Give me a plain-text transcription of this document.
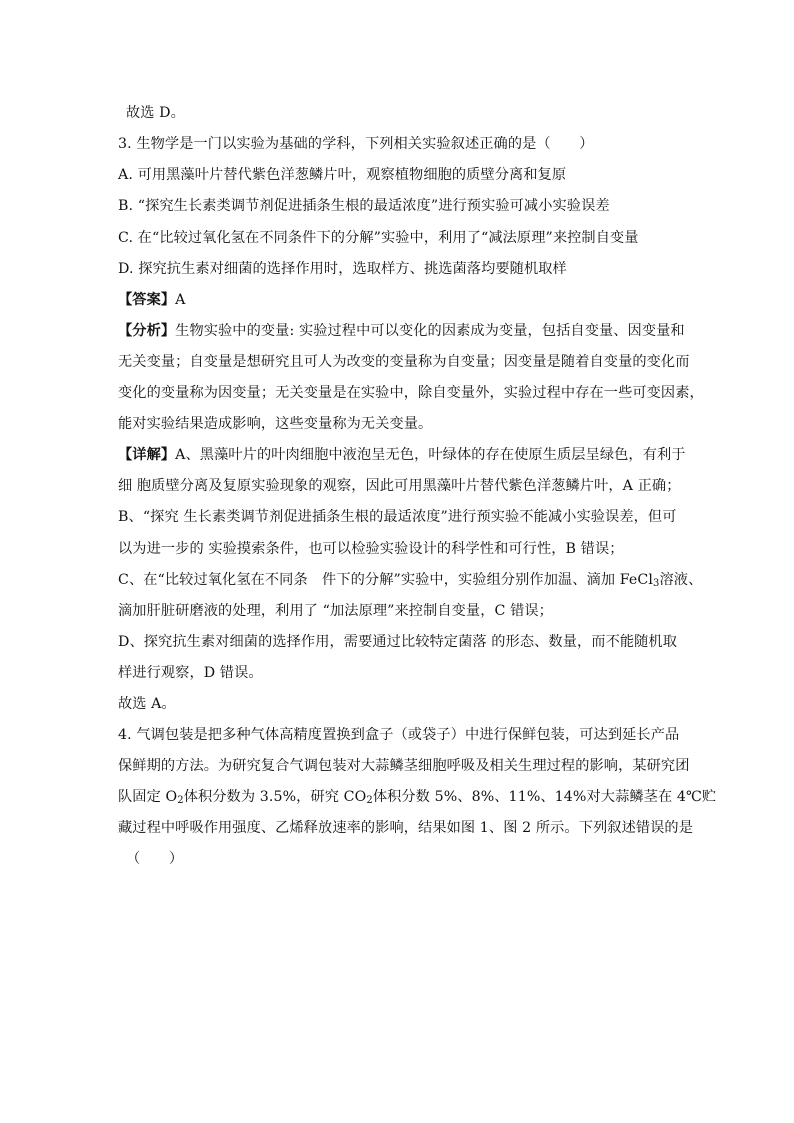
故选 D。
3. 生物学是一门以实验为基础的学科，下列相关实验叙述正确的是（　　）
A. 可用黑藻叶片替代紫色洋葱鳞片叶，观察植物细胞的质壁分离和复原
B. “探究生长素类调节剂促进插条生根的最适浓度”进行预实验可减小实验误差
C. 在“比较过氧化氢在不同条件下的分解”实验中，利用了“减法原理”来控制自变量
D. 探究抗生素对细菌的选择作用时，选取样方、挑选菌落均要随机取样
【答案】A
【分析】生物实验中的变量: 实验过程中可以变化的因素成为变量，包括自变量、因变量和
无关变量；自变量是想研究且可人为改变的变量称为自变量；因变量是随着自变量的变化而
变化的变量称为因变量；无关变量是在实验中，除自变量外，实验过程中存在一些可变因素，
能对实验结果造成影响，这些变量称为无关变量。
【详解】A、黑藻叶片的叶肉细胞中液泡呈无色，叶绿体的存在使原生质层呈绿色，有利于
细 胞质壁分离及复原实验现象的观察，因此可用黑藻叶片替代紫色洋葱鳞片叶，A 正确；
B、“探究 生长素类调节剂促进插条生根的最适浓度”进行预实验不能减小实验误差，但可
以为进一步的 实验摸索条件，也可以检验实验设计的科学性和可行性，B 错误；
C、在“比较过氧化氢在不同条　件下的分解”实验中，实验组分别作加温、滴加 FeCl$_3$溶液、
滴加肝脏研磨液的处理，利用了 “加法原理”来控制自变量，C 错误；
D、探究抗生素对细菌的选择作用，需要通过比较特定菌落 的形态、数量，而不能随机取
样进行观察，D 错误。
故选 A。
4. 气调包装是把多种气体高精度置换到盒子（或袋子）中进行保鲜包装，可达到延长产品
保鲜期的方法。为研究复合气调包装对大蒜鳞茎细胞呼吸及相关生理过程的影响，某研究团
队固定 $O_2$体积分数为 3.5%，研究 $CO_2$体积分数 5%、8%、11%、14%对大蒜鳞茎在 4℃贮
藏过程中呼吸作用强度、乙烯释放速率的影响，结果如图 1、图 2 所示。下列叙述错误的是
（　　）
